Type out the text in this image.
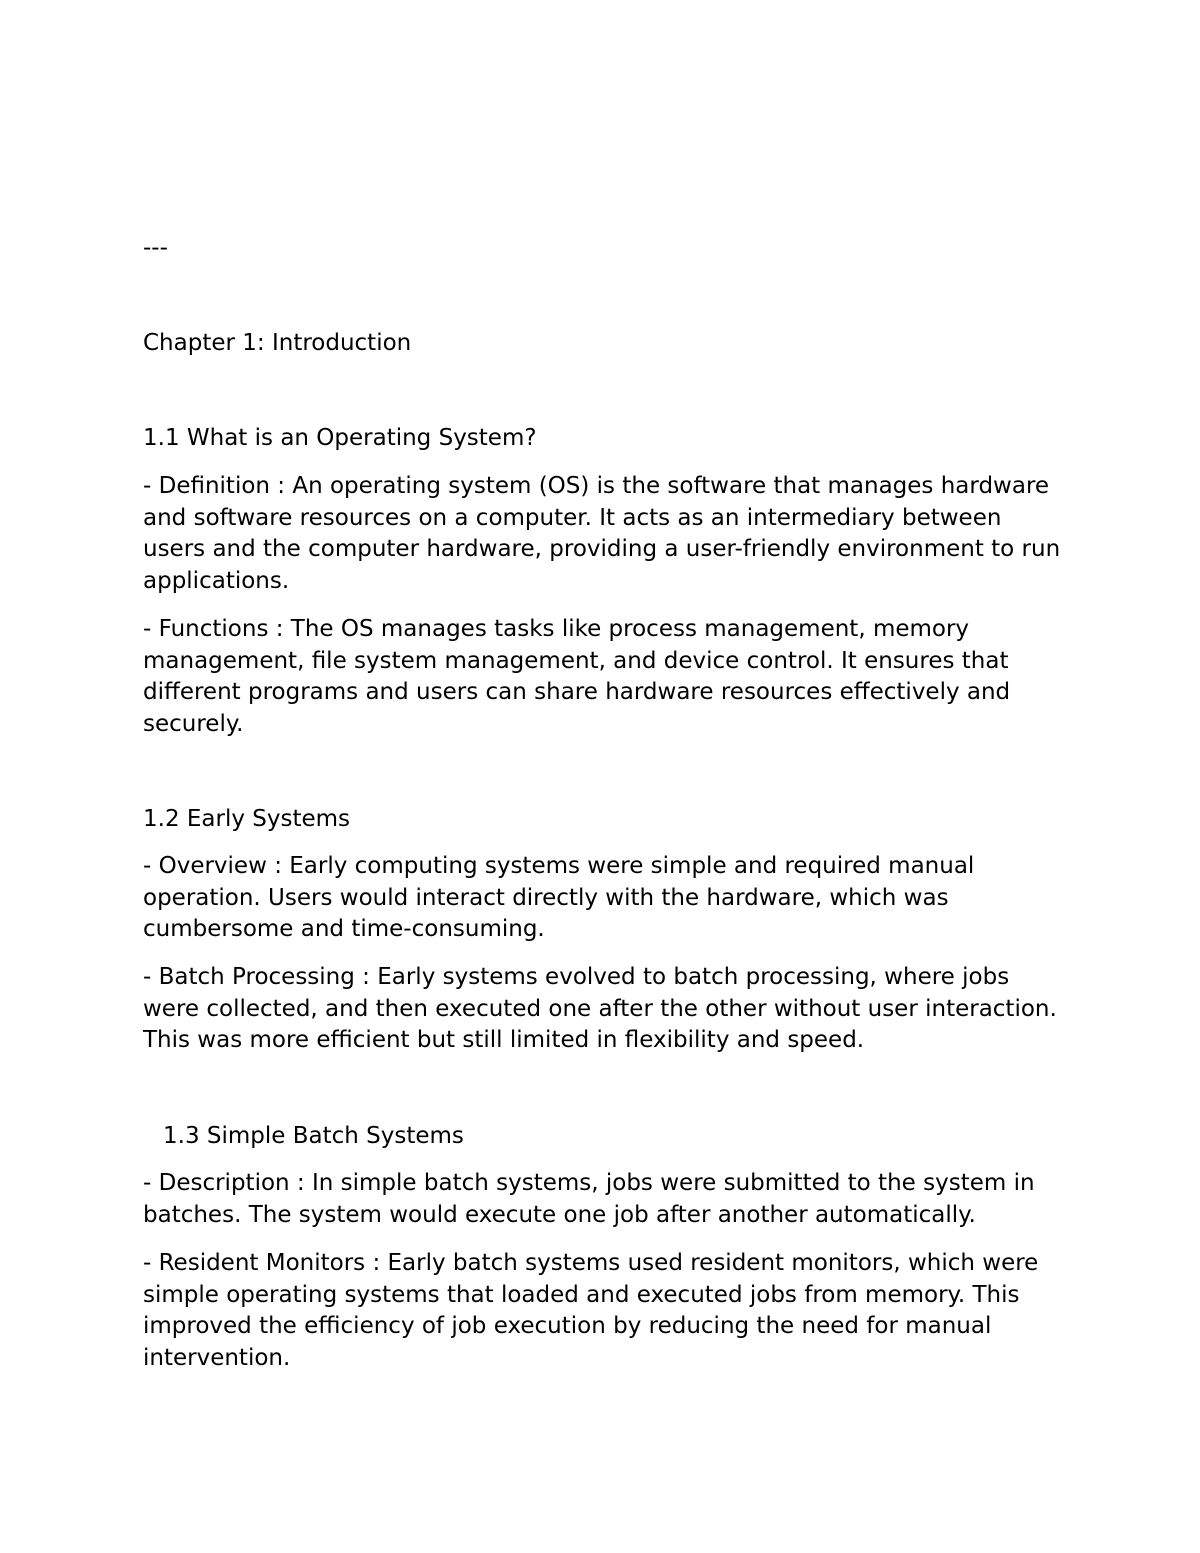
---

Chapter 1: Introduction

1.1 What is an Operating System?

- Definition : An operating system (OS) is the software that manages hardware and software resources on a computer. It acts as an intermediary between users and the computer hardware, providing a user-friendly environment to run applications.

- Functions : The OS manages tasks like process management, memory management, file system management, and device control. It ensures that different programs and users can share hardware resources effectively and securely.

1.2 Early Systems

- Overview : Early computing systems were simple and required manual operation. Users would interact directly with the hardware, which was cumbersome and time-consuming.

- Batch Processing : Early systems evolved to batch processing, where jobs were collected, and then executed one after the other without user interaction. This was more efficient but still limited in flexibility and speed.

1.3 Simple Batch Systems

- Description : In simple batch systems, jobs were submitted to the system in batches. The system would execute one job after another automatically.

- Resident Monitors : Early batch systems used resident monitors, which were simple operating systems that loaded and executed jobs from memory. This improved the efficiency of job execution by reducing the need for manual intervention.
